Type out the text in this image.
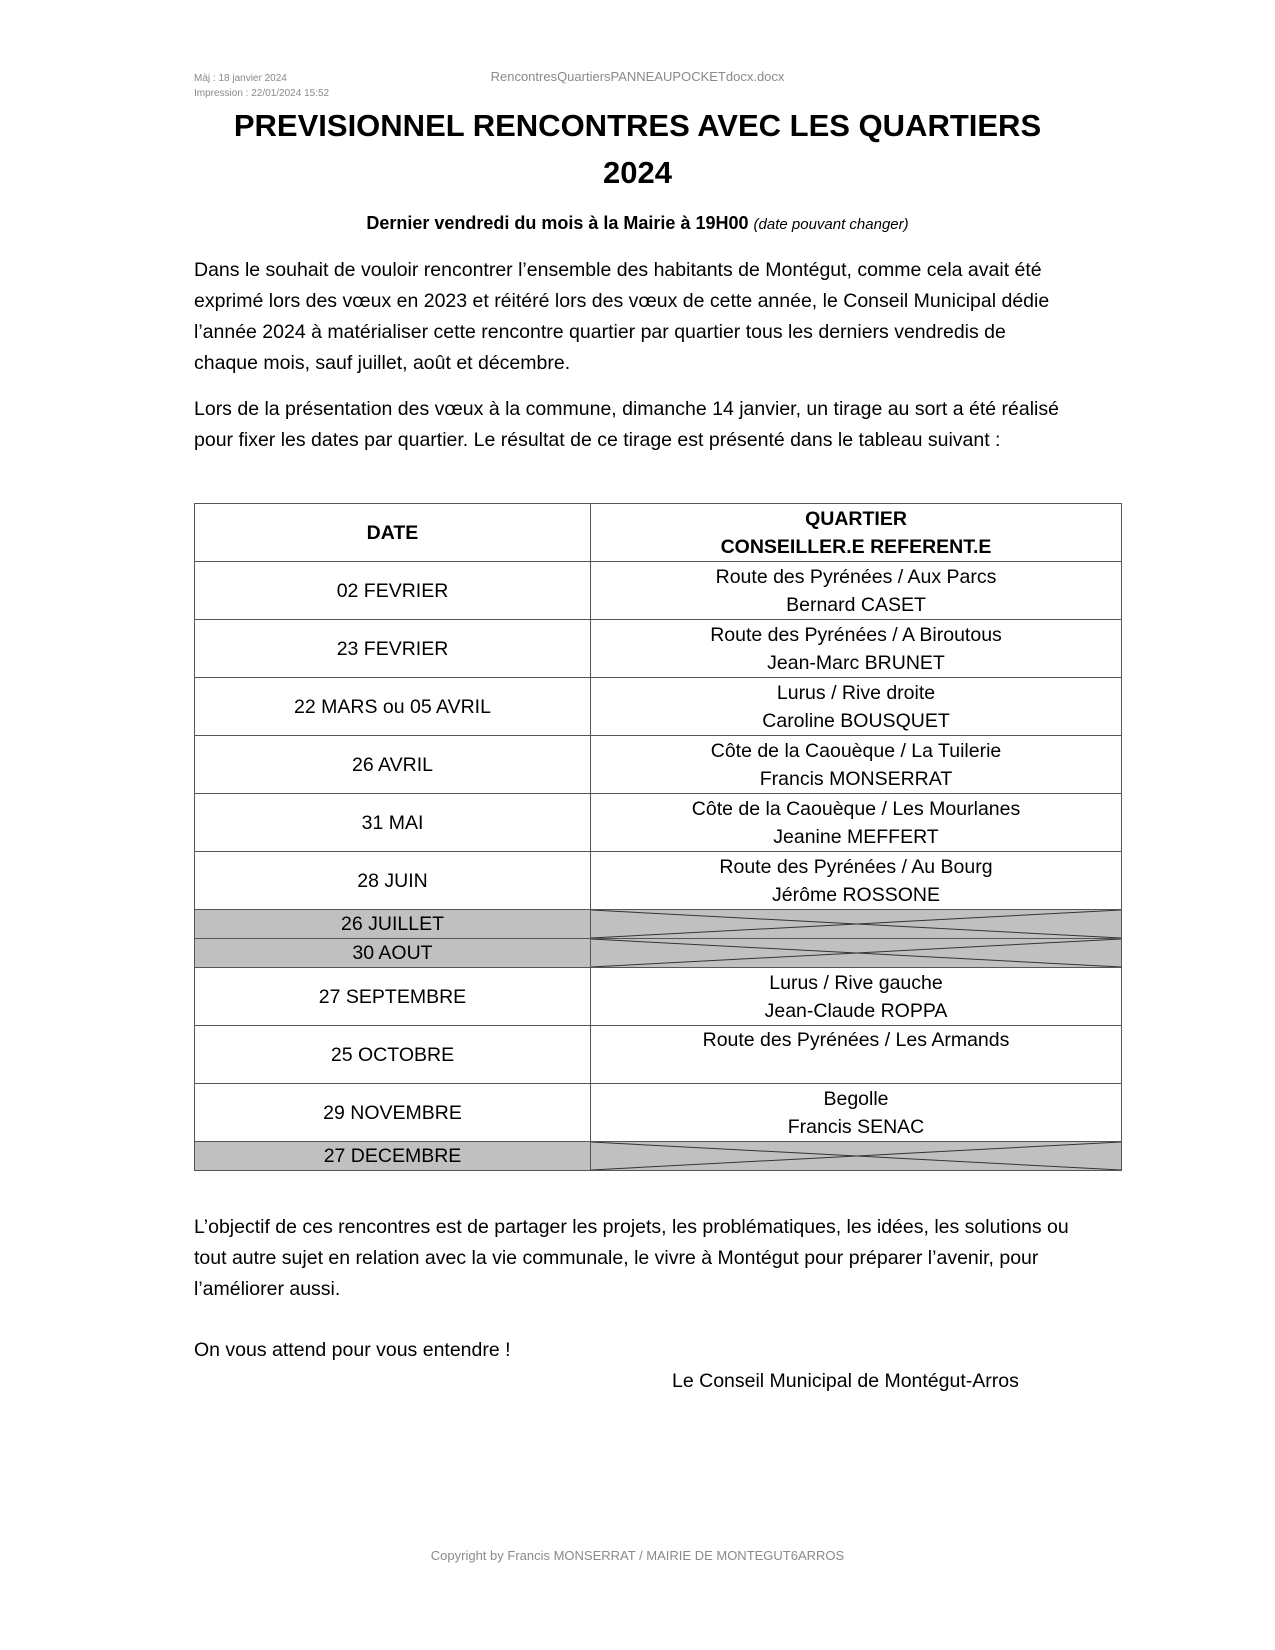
Màj : 18 janvier 2024
Impression : 22/01/2024 15:52
RencontresQuartiersPANNEAUPOCKETdocx.docx
PREVISIONNEL RENCONTRES AVEC LES QUARTIERS
2024
Dernier vendredi du mois à la Mairie à 19H00 (date pouvant changer)
Dans le souhait de vouloir rencontrer l’ensemble des habitants de Montégut, comme cela avait été exprimé lors des vœux en 2023 et réitéré lors des vœux de cette année, le Conseil Municipal dédie l’année 2024 à matérialiser cette rencontre quartier par quartier tous les derniers vendredis de chaque mois, sauf juillet, août et décembre.
Lors de la présentation des vœux à la commune, dimanche 14 janvier, un tirage au sort a été réalisé pour fixer les dates par quartier. Le résultat de ce tirage est présenté dans le tableau suivant :
DATE	QUARTIER
CONSEILLER.E REFERENT.E

02 FEVRIER	Route des Pyrénées / Aux Parcs
Bernard CASET

23 FEVRIER	Route des Pyrénées / A Biroutous
Jean-Marc BRUNET

22 MARS ou 05 AVRIL	Lurus / Rive droite
Caroline BOUSQUET

26 AVRIL	Côte de la Caouèque / La Tuilerie
Francis MONSERRAT

31 MAI	Côte de la Caouèque / Les Mourlanes
Jeanine MEFFERT

28 JUIN	Route des Pyrénées / Au Bourg
Jérôme ROSSONE

26 JUILLET	

30 AOUT	

27 SEPTEMBRE	Lurus / Rive gauche
Jean-Claude ROPPA

25 OCTOBRE	Route des Pyrénées / Les Armands

29 NOVEMBRE	Begolle
Francis SENAC

27 DECEMBRE	
L’objectif de ces rencontres est de partager les projets, les problématiques, les idées, les solutions ou tout autre sujet en relation avec la vie communale, le vivre à Montégut pour préparer l’avenir, pour l’améliorer aussi.
On vous attend pour vous entendre !
Le Conseil Municipal de Montégut-Arros
Copyright by Francis MONSERRAT / MAIRIE DE MONTEGUT6ARROS
